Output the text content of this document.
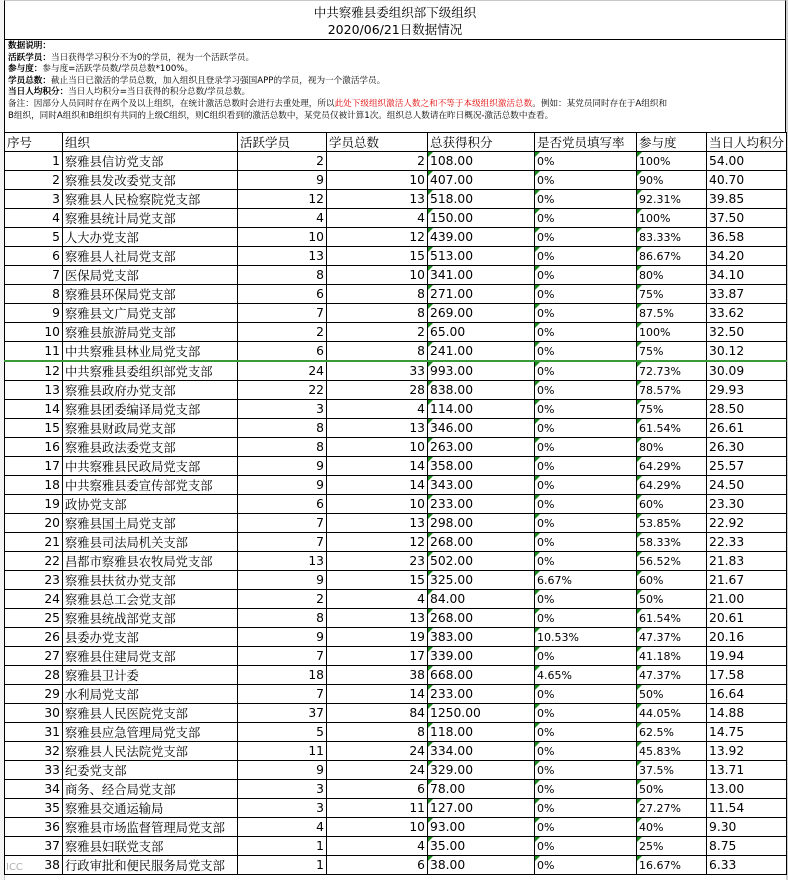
中共察雅县委组织部下级组织
2020/06/21日数据情况
数据说明：
活跃学员：当日获得学习积分不为0的学员，视为一个活跃学员。
参与度：参与度=活跃学员数/学员总数*100%。
学员总数：截止当日已激活的学员总数，加入组织且登录学习强国APP的学员，视为一个激活学员。
当日人均积分：当日人均积分=当日获得的积分总数/学员总数。
备注：因部分人员同时存在两个及以上组织，在统计激活总数时会进行去重处理，所以此处下级组织激活人数之和不等于本级组织激活总数。例如：某党员同时存在于A组织和
B组织，同时A组织和B组织有共同的上级C组织，则C组织看到的激活总数中，某党员仅被计算1次。组织总人数请在昨日概况-激活总数中查看。
序号	组织	活跃学员	学员总数	总获得积分	是否党员填写率	参与度	当日人均积分
1	察雅县信访党支部	2	2	108.00	0%	100%	54.00
2	察雅县发改委党支部	9	10	407.00	0%	90%	40.70
3	察雅县人民检察院党支部	12	13	518.00	0%	92.31%	39.85
4	察雅县统计局党支部	4	4	150.00	0%	100%	37.50
5	人大办党支部	10	12	439.00	0%	83.33%	36.58
6	察雅县人社局党支部	13	15	513.00	0%	86.67%	34.20
7	医保局党支部	8	10	341.00	0%	80%	34.10
8	察雅县环保局党支部	6	8	271.00	0%	75%	33.87
9	察雅县文广局党支部	7	8	269.00	0%	87.5%	33.62
10	察雅县旅游局党支部	2	2	65.00	0%	100%	32.50
11	中共察雅县林业局党支部	6	8	241.00	0%	75%	30.12
12	中共察雅县委组织部党支部	24	33	993.00	0%	72.73%	30.09
13	察雅县政府办党支部	22	28	838.00	0%	78.57%	29.93
14	察雅县团委编译局党支部	3	4	114.00	0%	75%	28.50
15	察雅县财政局党支部	8	13	346.00	0%	61.54%	26.61
16	察雅县政法委党支部	8	10	263.00	0%	80%	26.30
17	中共察雅县民政局党支部	9	14	358.00	0%	64.29%	25.57
18	中共察雅县委宣传部党支部	9	14	343.00	0%	64.29%	24.50
19	政协党支部	6	10	233.00	0%	60%	23.30
20	察雅县国土局党支部	7	13	298.00	0%	53.85%	22.92
21	察雅县司法局机关支部	7	12	268.00	0%	58.33%	22.33
22	昌都市察雅县农牧局党支部	13	23	502.00	0%	56.52%	21.83
23	察雅县扶贫办党支部	9	15	325.00	6.67%	60%	21.67
24	察雅县总工会党支部	2	4	84.00	0%	50%	21.00
25	察雅县统战部党支部	8	13	268.00	0%	61.54%	20.61
26	县委办党支部	9	19	383.00	10.53%	47.37%	20.16
27	察雅县住建局党支部	7	17	339.00	0%	41.18%	19.94
28	察雅县卫计委	18	38	668.00	4.65%	47.37%	17.58
29	水利局党支部	7	14	233.00	0%	50%	16.64
30	察雅县人民医院党支部	37	84	1250.00	0%	44.05%	14.88
31	察雅县应急管理局党支部	5	8	118.00	0%	62.5%	14.75
32	察雅县人民法院党支部	11	24	334.00	0%	45.83%	13.92
33	纪委党支部	9	24	329.00	0%	37.5%	13.71
34	商务、经合局党支部	3	6	78.00	0%	50%	13.00
35	察雅县交通运输局	3	11	127.00	0%	27.27%	11.54
36	察雅县市场监督管理局党支部	4	10	93.00	0%	40%	9.30
37	察雅县妇联党支部	1	4	35.00	0%	25%	8.75
38	行政审批和便民服务局党支部	1	6	38.00	0%	16.67%	6.33
ICC
